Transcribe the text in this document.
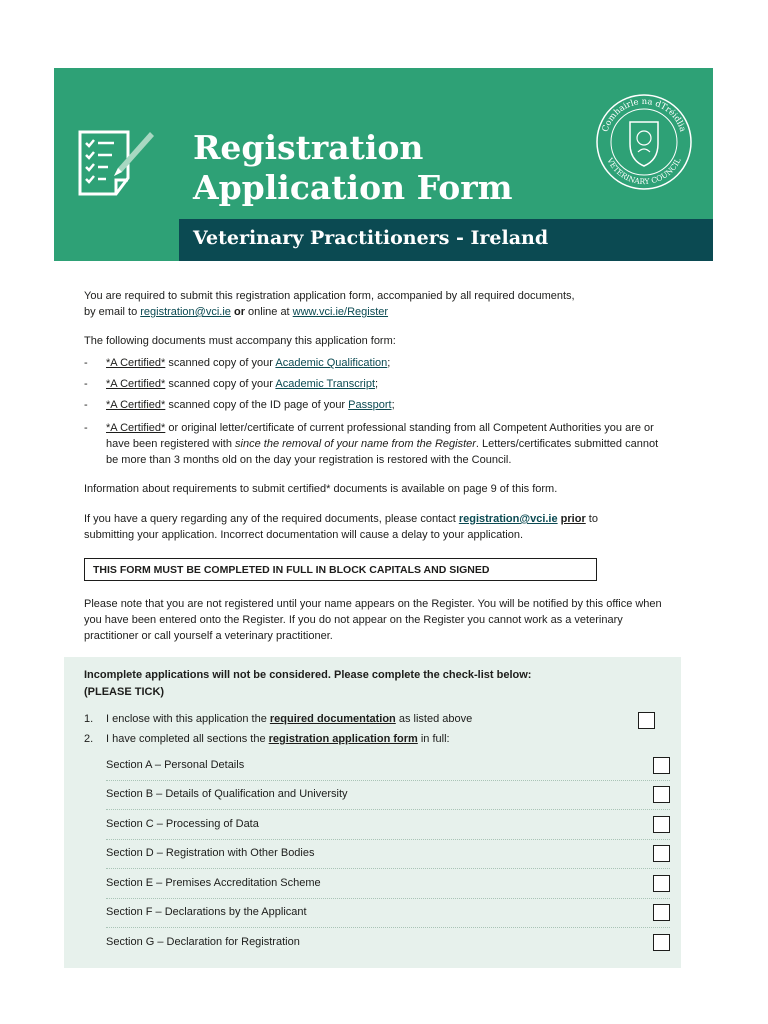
Registration
Application Form
Comhairle na dTréidlia
VETERINARY COUNCIL
Veterinary Practitioners - Ireland

You are required to submit this registration application form, accompanied by all required documents,
by email to registration@vci.ie or online at www.vci.ie/Register

The following documents must accompany this application form:

- *A Certified* scanned copy of your Academic Qualification;
- *A Certified* scanned copy of your Academic Transcript;
- *A Certified* scanned copy of the ID page of your Passport;
- *A Certified* or original letter/certificate of current professional standing from all Competent Authorities you are or have been registered with since the removal of your name from the Register. Letters/certificates submitted cannot be more than 3 months old on the day your registration is restored with the Council.

Information about requirements to submit certified* documents is available on page 9 of this form.

If you have a query regarding any of the required documents, please contact registration@vci.ie prior to submitting your application. Incorrect documentation will cause a delay to your application.

THIS FORM MUST BE COMPLETED IN FULL IN BLOCK CAPITALS AND SIGNED

Please note that you are not registered until your name appears on the Register. You will be notified by this office when you have been entered onto the Register. If you do not appear on the Register you cannot work as a veterinary practitioner or call yourself a veterinary practitioner.

Incomplete applications will not be considered. Please complete the check-list below:
(PLEASE TICK)

1. I enclose with this application the required documentation as listed above
2. I have completed all sections the registration application form in full:
Section A – Personal Details
Section B – Details of Qualification and University
Section C – Processing of Data
Section D – Registration with Other Bodies
Section E – Premises Accreditation Scheme
Section F – Declarations by the Applicant
Section G – Declaration for Registration
